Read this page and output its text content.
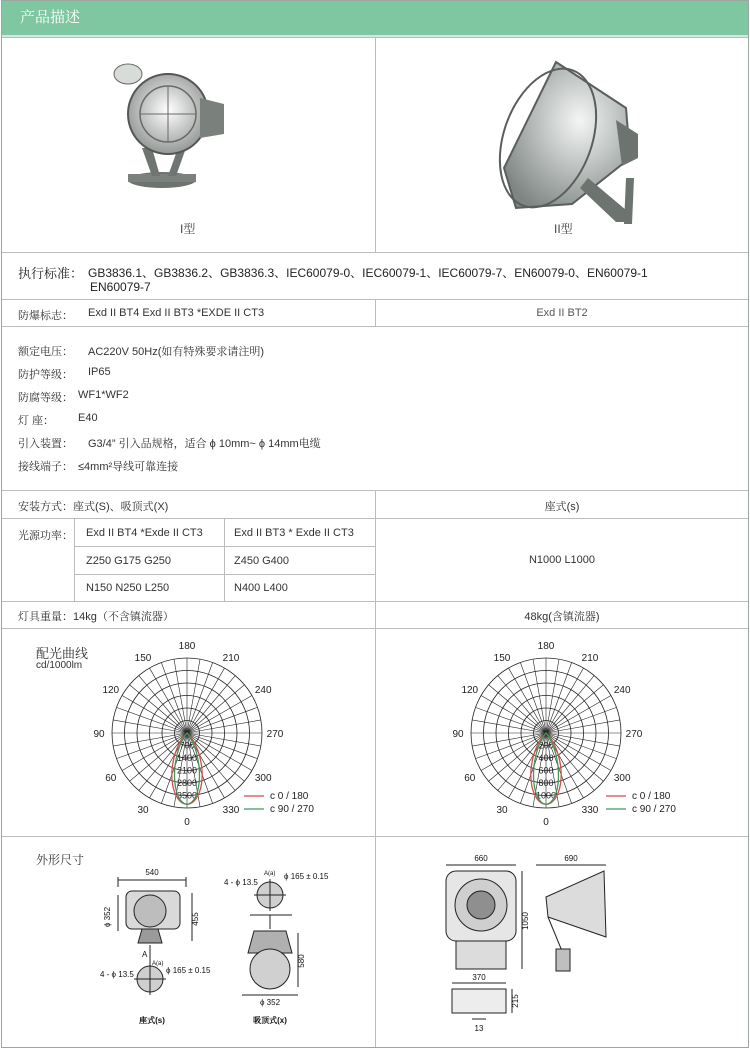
产品描述
I型	II型
执行标准： GB3836.1、GB3836.2、GB3836.3、IEC60079-0、IEC60079-1、IEC60079-7、EN60079-0、EN60079-1
EN60079-7
防爆标志： Exd II BT4 Exd II BT3 *EXDE II CT3	Exd II BT2
额定电压： AC220V 50Hz(如有特殊要求请注明)
防护等级： IP65
防腐等级： WF1*WF2
灯 座： E40
引入装置： G3/4” 引入品规格，适合 ϕ 10mm~ ϕ 14mm电缆
接线端子： ≤4mm²导线可靠连接
安装方式：座式(S)、吸顶式(X)	座式(s)
光源功率： Exd II BT4 *Exde II CT3	Exd II BT3 * Exde II CT3
Z250 G175 G250	Z450 G400
N150 N250 L250	N400 L400
N1000 L1000
灯具重量：14kg（不含镇流器）	48kg(含镇流器)
配光曲线
cd/1000lm
180
150
120
90
60
30
0
330
300
270
240
210
700
1400
2100
2800
3500	c 0 / 180
c 90 / 270
180
150
120
90
60
30
0
330
300
270
240
210
200
400
600
800
1000	c 0 / 180
c 90 / 270
外形尺寸
540
ϕ 352	455
A
A(a)
4 - ϕ 13.5	ϕ 165 ± 0.15
4 - ϕ 13.5
ϕ 165 ± 0.15
A(a)
580
ϕ 352
座式(s)	吸顶式(x)
660	690
1050
370
215
13
